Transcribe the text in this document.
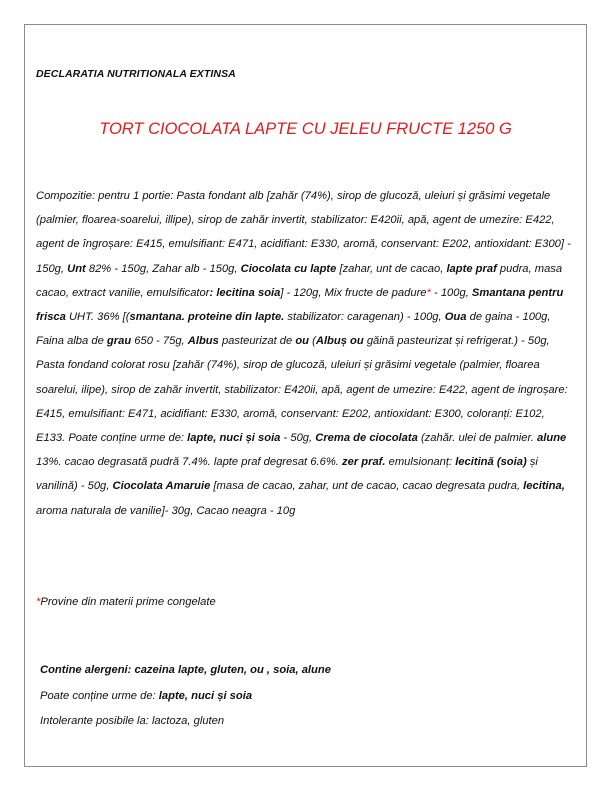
DECLARATIA NUTRITIONALA EXTINSA
TORT CIOCOLATA LAPTE CU JELEU FRUCTE 1250 G
Compozitie: pentru 1 portie: Pasta fondant alb [zahăr (74%), sirop de glucoză, uleiuri și grăsimi vegetale (palmier, floarea-soarelui, illipe), sirop de zahăr invertit, stabilizator: E420ii, apă, agent de umezire: E422, agent de îngroșare: E415, emulsifiant: E471, acidifiant: E330, aromă, conservant: E202, antioxidant: E300] - 150g, Unt 82% - 150g, Zahar alb - 150g, Ciocolata cu lapte [zahar, unt de cacao, lapte praf pudra, masa cacao, extract vanilie, emulsificator: lecitina soia] - 120g, Mix fructe de padure* - 100g, Smantana pentru frisca UHT. 36% [(smantana. proteine din lapte. stabilizator: caragenan) - 100g, Oua de gaina - 100g, Faina alba de grau 650 - 75g, Albus pasteurizat de ou (Albuș ou găină pasteurizat și refrigerat.) - 50g, Pasta fondand colorat rosu [zahăr (74%), sirop de glucoză, uleiuri și grăsimi vegetale (palmier, floarea soarelui, ilipe), sirop de zahăr invertit, stabilizator: E420ii, apă, agent de umezire: E422, agent de ingroșare: E415, emulsifiant: E471, acidifiant: E330, aromă, conservant: E202, antioxidant: E300, coloranți: E102, E133. Poate conține urme de: lapte, nuci și soia - 50g, Crema de ciocolata (zahăr. ulei de palmier. alune 13%. cacao degrasată pudră 7.4%. lapte praf degresat 6.6%. zer praf. emulsionanț: lecitină (soia) și vanilină) - 50g, Ciocolata Amaruie [masa de cacao, zahar, unt de cacao, cacao degresata pudra, lecitina, aroma naturala de vanilie]- 30g, Cacao neagra - 10g
*Provine din materii prime congelate
Contine alergeni: cazeina lapte, gluten, ou , soia, alune
Poate conține urme de: lapte, nuci și soia
Intolerante posibile la: lactoza, gluten
